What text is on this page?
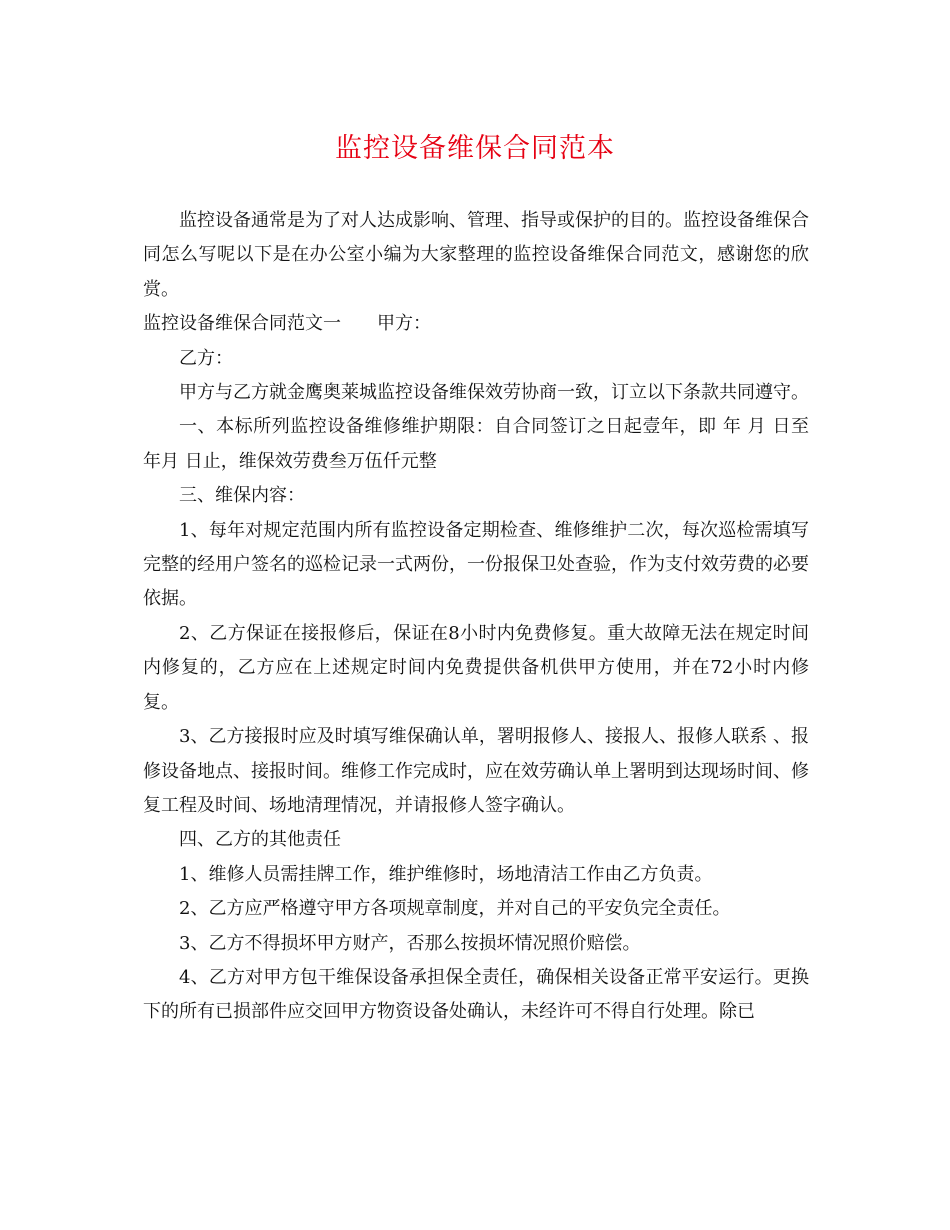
监控设备维保合同范本

监控设备通常是为了对人达成影响、管理、指导或保护的目的。监控设备维保合同怎么写呢以下是在办公室小编为大家整理的监控设备维保合同范文，感谢您的欣赏。

监控设备维保合同范文一 甲方：

乙方：

甲方与乙方就金鹰奥莱城监控设备维保效劳协商一致，订立以下条款共同遵守。

一、本标所列监控设备维修维护期限：自合同签订之日起壹年，即 年 月 日至 年月 日止，维保效劳费叁万伍仟元整

三、维保内容：

1、每年对规定范围内所有监控设备定期检查、维修维护二次，每次巡检需填写完整的经用户签名的巡检记录一式两份，一份报保卫处查验，作为支付效劳费的必要依据。

2、乙方保证在接报修后，保证在8小时内免费修复。重大故障无法在规定时间内修复的，乙方应在上述规定时间内免费提供备机供甲方使用，并在72小时内修复。

3、乙方接报时应及时填写维保确认单，署明报修人、接报人、报修人联系 、报修设备地点、接报时间。维修工作完成时，应在效劳确认单上署明到达现场时间、修复工程及时间、场地清理情况，并请报修人签字确认。

四、乙方的其他责任

1、维修人员需挂牌工作，维护维修时，场地清洁工作由乙方负责。

2、乙方应严格遵守甲方各项规章制度，并对自己的平安负完全责任。

3、乙方不得损坏甲方财产，否那么按损坏情况照价赔偿。

4、乙方对甲方包干维保设备承担保全责任，确保相关设备正常平安运行。更换下的所有已损部件应交回甲方物资设备处确认，未经许可不得自行处理。除已
